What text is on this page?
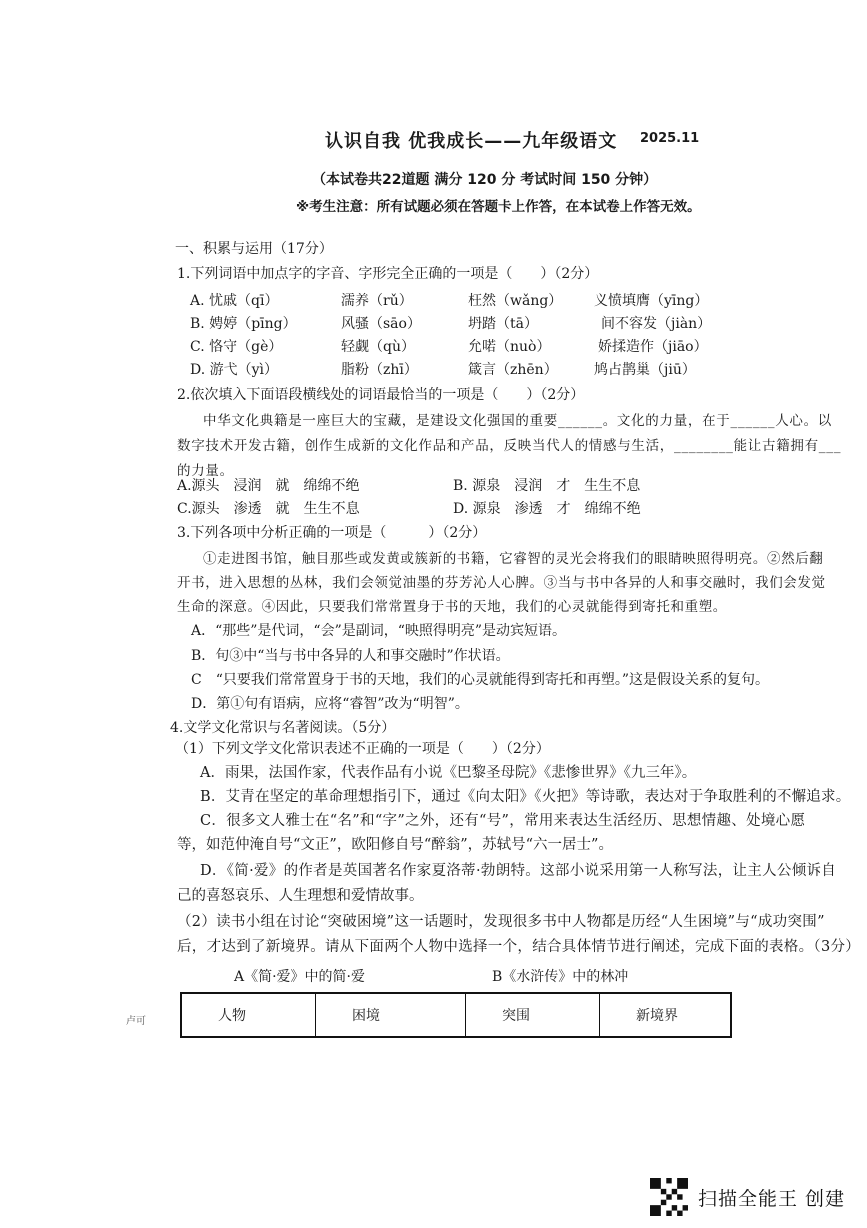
认识自我 优我成长——九年级语文 2025.11
（本试卷共22道题 满分 120 分 考试时间 150 分钟）
※考生注意：所有试题必须在答题卡上作答，在本试卷上作答无效。
一、积累与运用（17分）
1.下列词语中加点字的字音、字形完全正确的一项是（　　）（2分）
A. 忧戚（qī）	濡养（rǔ）	枉然（wǎng） 义愤填膺（yīng）
B. 娉婷（pīng）	风骚（sāo）	坍踏（tā）	间不容发（jiàn）
C. 恪守（gè）	轻觑（qù）	允喏（nuò）	娇揉造作（jiāo）
D. 游弋（yì）	脂粉（zhī）	箴言（zhēn）	鸠占鹊巢（jiū）
2.依次填入下面语段横线处的词语最恰当的一项是（　　）（2分）
中华文化典籍是一座巨大的宝藏，是建设文化强国的重要______。文化的力量，在于______人心。以
数字技术开发古籍，创作生成新的文化作品和产品，反映当代人的情感与生活，________能让古籍拥有___
的力量。
A.源头　浸润　就　绵绵不绝	B. 源泉　浸润　才　生生不息
C.源头　渗透　就　生生不息	D. 源泉　渗透　才　绵绵不绝
3.下列各项中分析正确的一项是（　　　）（2分）
①走进图书馆，触目那些或发黄或簇新的书籍，它睿智的灵光会将我们的眼睛映照得明亮。②然后翻
开书，进入思想的丛林，我们会领觉油墨的芬芳沁人心脾。③当与书中各异的人和事交融时，我们会发觉
生命的深意。④因此，只要我们常常置身于书的天地，我们的心灵就能得到寄托和重塑。
A．“那些”是代词，“会”是副词，“映照得明亮”是动宾短语。
B．句③中“当与书中各异的人和事交融时”作状语。
C　“只要我们常常置身于书的天地，我们的心灵就能得到寄托和再塑。”这是假设关系的复句。
D．第①句有语病，应将“睿智”改为“明智”。
4.文学文化常识与名著阅读。（5分）
（1）下列文学文化常识表述不正确的一项是（　　）（2分）
A．雨果，法国作家，代表作品有小说《巴黎圣母院》《悲惨世界》《九三年》。
B．艾青在坚定的革命理想指引下，通过《向太阳》《火把》等诗歌，表达对于争取胜利的不懈追求。
C．很多文人雅士在“名”和“字”之外，还有“号”，常用来表达生活经历、思想情趣、处境心愿
等，如范仲淹自号“文正”，欧阳修自号“醉翁”，苏轼号“六一居士”。
D．《简·爱》的作者是英国著名作家夏洛蒂·勃朗特。这部小说采用第一人称写法，让主人公倾诉自
己的喜怒哀乐、人生理想和爱情故事。
（2）读书小组在讨论“突破困境”这一话题时，发现很多书中人物都是历经“人生困境”与“成功突围”
后，才达到了新境界。请从下面两个人物中选择一个，结合具体情节进行阐述，完成下面的表格。（3分）
A《简·爱》中的简·爱	B《水浒传》中的林冲
卢可	人物	困境	突围	新境界
扫描全能王 创建
